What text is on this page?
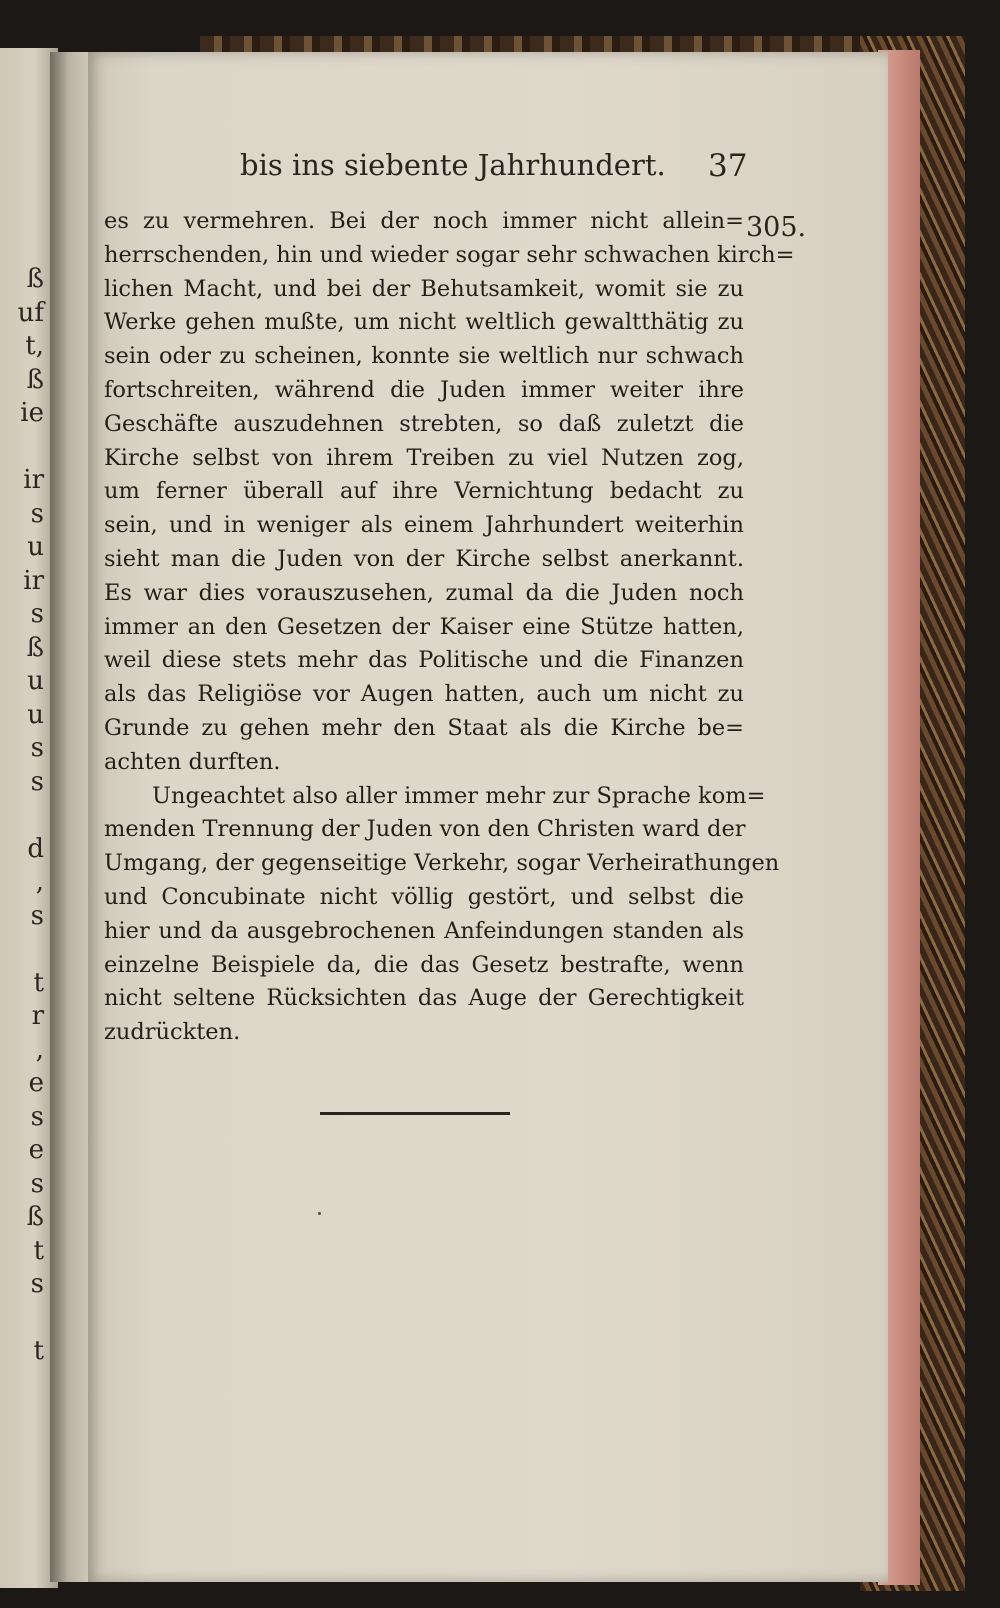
ß
uf
t,
ß
ie

ir
s
u
ir
s
ß
u
u
s
s

d
,
s

t
r
,
e
s
e
s
ß
t
s

t
bis ins siebente Jahrhundert. 37
305.
es zu vermehren. Bei der noch immer nicht allein=
herrschenden, hin und wieder sogar sehr schwachen kirch=
lichen Macht, und bei der Behutsamkeit, womit sie zu
Werke gehen mußte, um nicht weltlich gewaltthätig zu
sein oder zu scheinen, konnte sie weltlich nur schwach
fortschreiten, während die Juden immer weiter ihre
Geschäfte auszudehnen strebten, so daß zuletzt die
Kirche selbst von ihrem Treiben zu viel Nutzen zog,
um ferner überall auf ihre Vernichtung bedacht zu
sein, und in weniger als einem Jahrhundert weiterhin
sieht man die Juden von der Kirche selbst anerkannt.
Es war dies vorauszusehen, zumal da die Juden noch
immer an den Gesetzen der Kaiser eine Stütze hatten,
weil diese stets mehr das Politische und die Finanzen
als das Religiöse vor Augen hatten, auch um nicht zu
Grunde zu gehen mehr den Staat als die Kirche be=
achten durften.
Ungeachtet also aller immer mehr zur Sprache kom=
menden Trennung der Juden von den Christen ward der
Umgang, der gegenseitige Verkehr, sogar Verheirathungen
und Concubinate nicht völlig gestört, und selbst die
hier und da ausgebrochenen Anfeindungen standen als
einzelne Beispiele da, die das Gesetz bestrafte, wenn
nicht seltene Rücksichten das Auge der Gerechtigkeit
zudrückten.
